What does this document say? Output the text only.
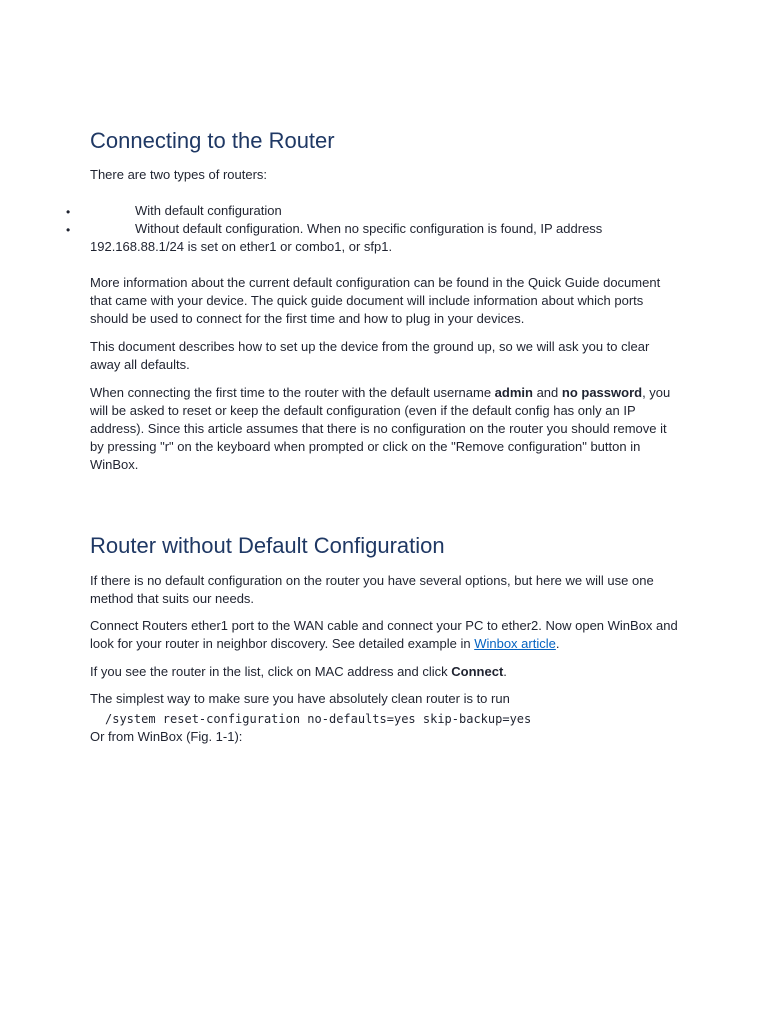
Connecting to the Router

There are two types of routers:

•	With default configuration
•	Without default configuration. When no specific configuration is found, IP address
192.168.88.1/24 is set on ether1 or combo1, or sfp1.

More information about the current default configuration can be found in the Quick Guide document that came with your device. The quick guide document will include information about which ports should be used to connect for the first time and how to plug in your devices.

This document describes how to set up the device from the ground up, so we will ask you to clear away all defaults.

When connecting the first time to the router with the default username admin and no password, you will be asked to reset or keep the default configuration (even if the default config has only an IP address). Since this article assumes that there is no configuration on the router you should remove it by pressing "r" on the keyboard when prompted or click on the "Remove configuration" button in WinBox.

Router without Default Configuration

If there is no default configuration on the router you have several options, but here we will use one method that suits our needs.

Connect Routers ether1 port to the WAN cable and connect your PC to ether2. Now open WinBox and look for your router in neighbor discovery. See detailed example in Winbox article.

If you see the router in the list, click on MAC address and click Connect.

The simplest way to make sure you have absolutely clean router is to run

/system reset-configuration no-defaults=yes skip-backup=yes

Or from WinBox (Fig. 1-1):
